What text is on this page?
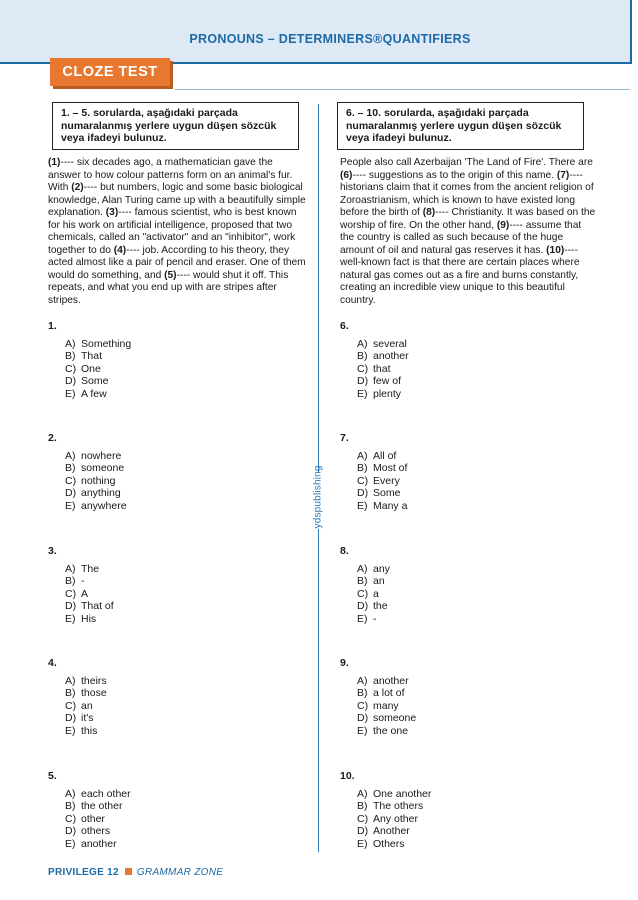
PRONOUNS – DETERMINERS®QUANTIFIERS
CLOZE TEST
1. – 5. sorularda, aşağıdaki parçada numaralanmış yerlere uygun düşen sözcük veya ifadeyi bulunuz.
6. – 10. sorularda, aşağıdaki parçada numaralanmış yerlere uygun düşen sözcük veya ifadeyi bulunuz.

(1)---- six decades ago, a mathematician gave the answer to how colour patterns form on an animal's fur. With (2)---- but numbers, logic and some basic biological knowledge, Alan Turing came up with a beautifully simple explanation. (3)---- famous scientist, who is best known for his work on artificial intelligence, proposed that two chemicals, called an "activator" and an "inhibitor", work together to do (4)---- job. According to his theory, they acted almost like a pair of pencil and eraser. One of them would do something, and (5)---- would shut it off. This repeats, and what you end up with are stripes after stripes.

People also call Azerbaijan 'The Land of Fire'. There are (6)---- suggestions as to the origin of this name. (7)---- historians claim that it comes from the ancient religion of Zoroastrianism, which is known to have existed long before the birth of (8)---- Christianity. It was based on the worship of fire. On the other hand, (9)---- assume that the country is called as such because of the huge amount of oil and natural gas reserves it has. (10)---- well-known fact is that there are certain places where natural gas comes out as a fire and burns constantly, creating an incredible view unique to this beautiful country.

ydspublishing
1.
A) Something
B) That
C) One
D) Some
E) A few
2.
A) nowhere
B) someone
C) nothing
D) anything
E) anywhere
3.
A) The
B) -
C) A
D) That of
E) His
4.
A) theirs
B) those
C) an
D) it's
E) this
5.
A) each other
B) the other
C) other
D) others
E) another
6.
A) several
B) another
C) that
D) few of
E) plenty
7.
A) All of
B) Most of
C) Every
D) Some
E) Many a
8.
A) any
B) an
C) a
D) the
E) -
9.
A) another
B) a lot of
C) many
D) someone
E) the one
10.
A) One another
B) The others
C) Any other
D) Another
E) Others
PRIVILEGE 12 GRAMMAR ZONE
